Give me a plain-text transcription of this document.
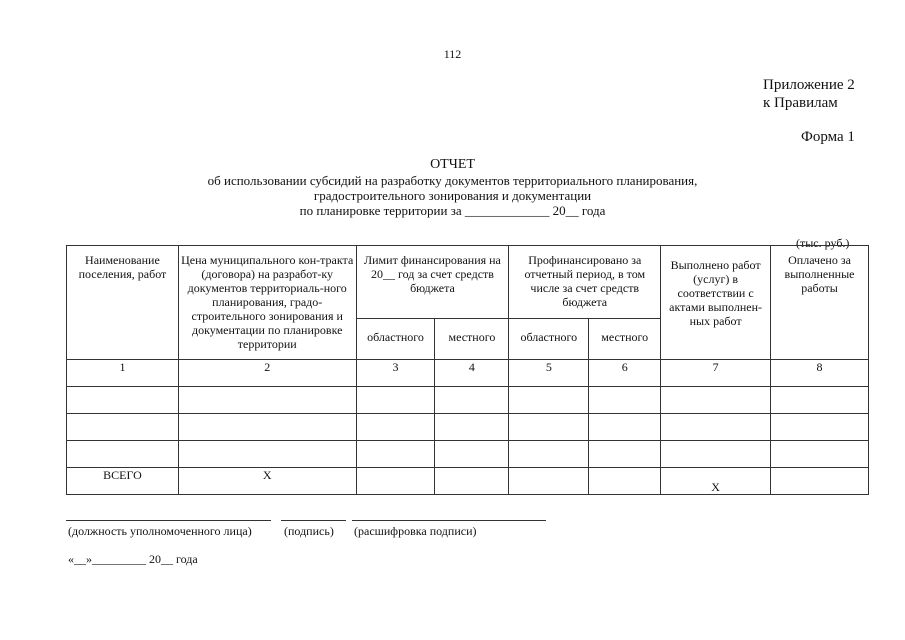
112
Приложение 2
к Правилам
Форма 1
ОТЧЕТ
об использовании субсидий на разработку документов территориального планирования,
градостроительного зонирования и документации
по планировке территории за _____________ 20__ года
(тыс. руб.)
Наименование поселения, работ	Цена муниципального кон-тракта (договора) на разработ-ку документов территориаль-ного планирования, градо-строительного зонирования и документации по планировке территории	Лимит финансирования на 20__ год за счет средств бюджета		Профинансировано за отчетный период, в том числе за счет средств бюджета		Выполнено работ (услуг) в соответствии с актами выполнен-ных работ	Оплачено за выполненные работы

		областного	местного	областного	местного		

1	2	3	4	5	6	7	8

ВСЕГО	Х					Х	
(должность уполномоченного лица)	(подпись) (расшифровка подписи)
«__»_________ 20__ года
